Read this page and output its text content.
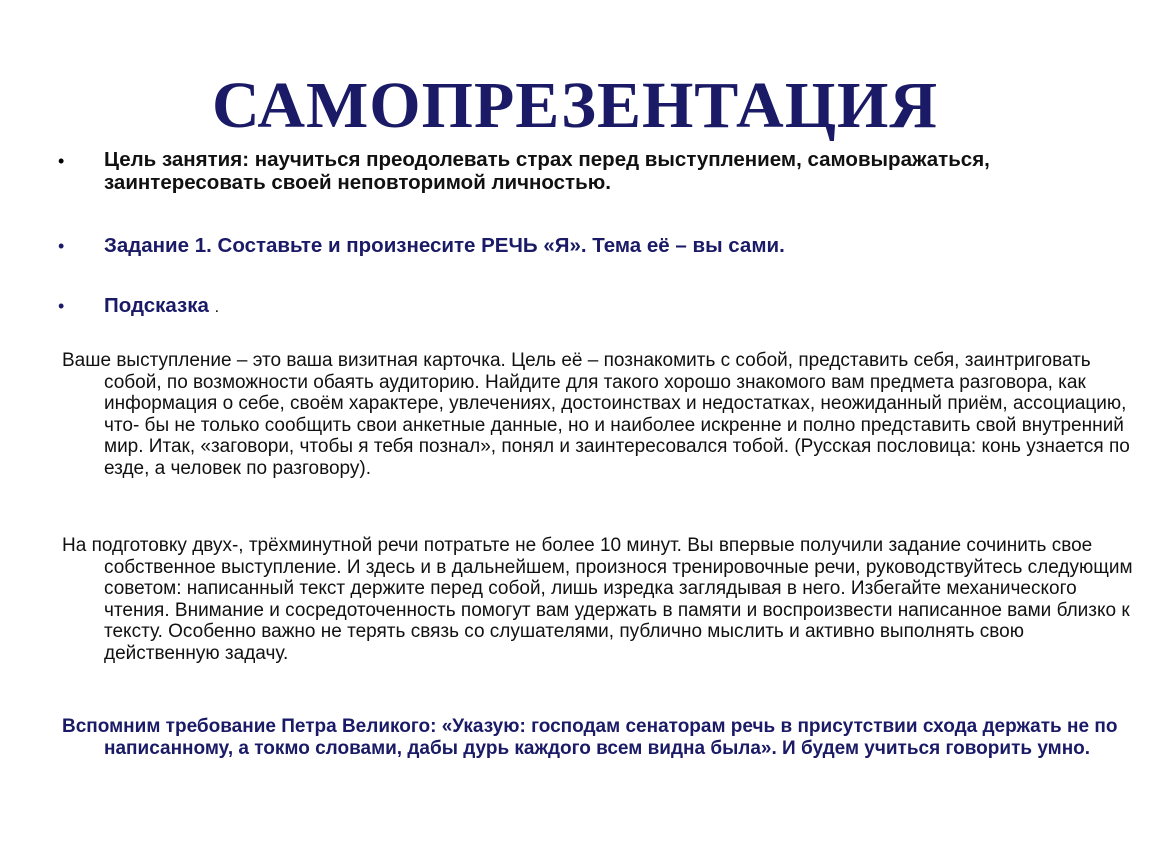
САМОПРЕЗЕНТАЦИЯ
•	Цель занятия: научиться преодолевать страх перед выступлением, самовыражаться, заинтересовать своей неповторимой личностью.
•	Задание 1. Составьте и произнесите РЕЧЬ «Я». Тема её – вы сами.
•	Подсказка .
Ваше выступление – это ваша визитная карточка. Цель её – познакомить с собой, представить себя, заинтриговать собой, по возможности обаять аудиторию. Найдите для такого хорошо знакомого вам предмета разговора, как информация о себе, своём характере, увлечениях, достоинствах и недостатках, неожиданный приём, ассоциацию, что- бы не только сообщить свои анкетные данные, но и наиболее искренне и полно представить свой внутренний мир. Итак, «заговори, чтобы я тебя познал», понял и заинтересовался тобой. (Русская пословица: конь узнается по езде, а человек по разговору).
На подготовку двух-, трёхминутной речи потратьте не более 10 минут. Вы впервые получили задание сочинить свое собственное выступление. И здесь и в дальнейшем, произнося тренировочные речи, руководствуйтесь следующим советом: написанный текст держите перед собой, лишь изредка заглядывая в него. Избегайте механического чтения. Внимание и сосредоточенность помогут вам удержать в памяти и воспроизвести написанное вами близко к тексту. Особенно важно не терять связь со слушателями, публично мыслить и активно выполнять свою действенную задачу.
Вспомним требование Петра Великого: «Указую: господам сенаторам речь в присутствии схода держать не по написанному, а токмо словами, дабы дурь каждого всем видна была». И будем учиться говорить умно.
